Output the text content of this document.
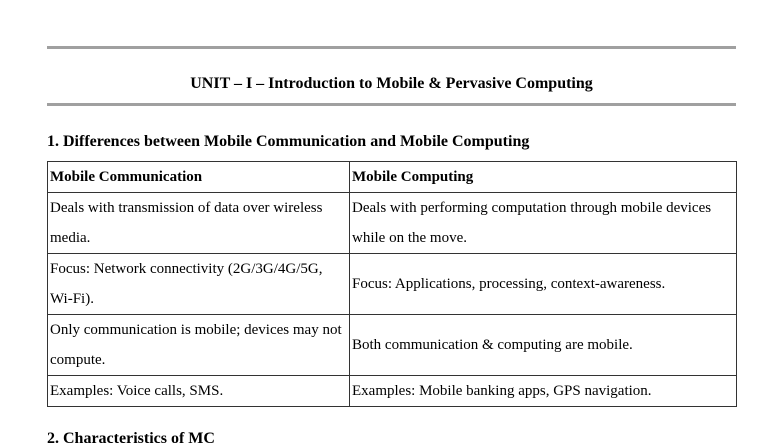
UNIT – I – Introduction to Mobile & Pervasive Computing
1. Differences between Mobile Communication and Mobile Computing
Mobile Communication	Mobile Computing
Deals with transmission of data over wireless media.	Deals with performing computation through mobile devices while on the move.
Focus: Network connectivity (2G/3G/4G/5G, Wi-Fi).	Focus: Applications, processing, context-awareness.
Only communication is mobile; devices may not compute.	Both communication & computing are mobile.
Examples: Voice calls, SMS.	Examples: Mobile banking apps, GPS navigation.
2. Characteristics of MC
